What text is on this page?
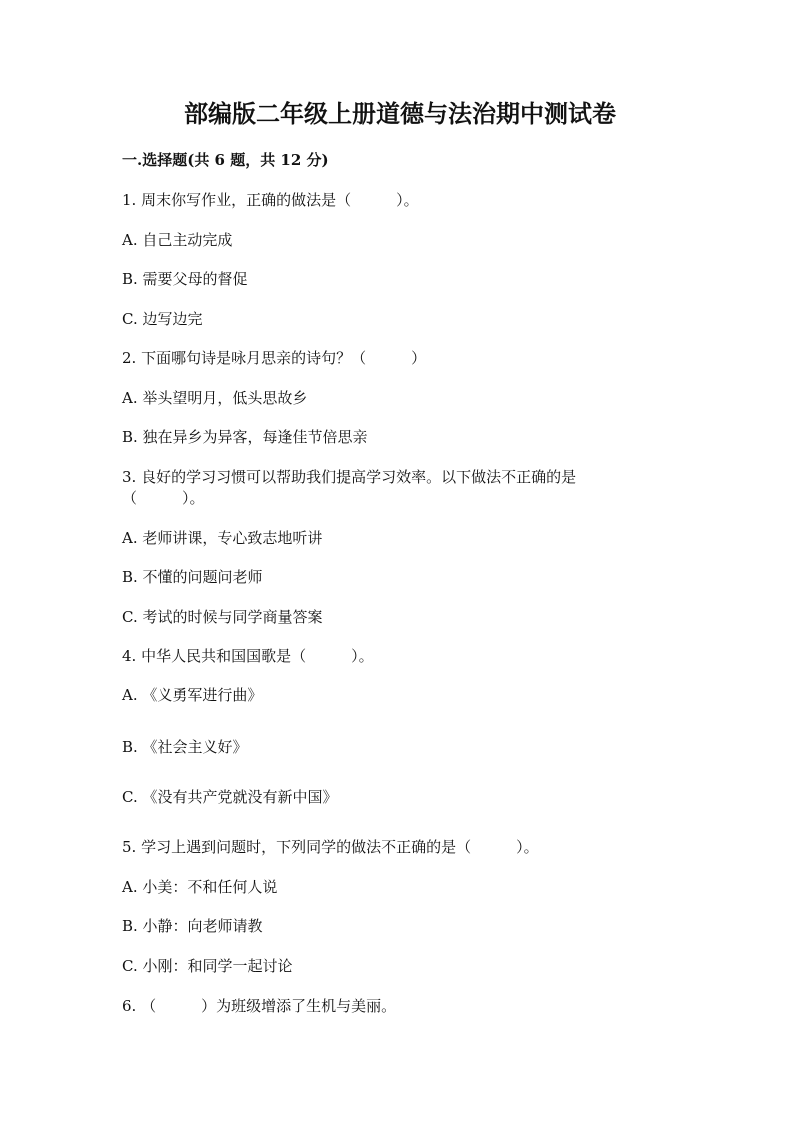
部编版二年级上册道德与法治期中测试卷
一.选择题(共 6 题，共 12 分)
1. 周末你写作业，正确的做法是（　　　）。
A. 自己主动完成
B. 需要父母的督促
C. 边写边完
2. 下面哪句诗是咏月思亲的诗句？（　　　）
A. 举头望明月，低头思故乡
B. 独在异乡为异客，每逢佳节倍思亲
3. 良好的学习习惯可以帮助我们提高学习效率。以下做法不正确的是
（　　　）。
A. 老师讲课，专心致志地听讲
B. 不懂的问题问老师
C. 考试的时候与同学商量答案
4. 中华人民共和国国歌是（　　　）。
A. 《义勇军进行曲》
B. 《社会主义好》
C. 《没有共产党就没有新中国》
5. 学习上遇到问题时，下列同学的做法不正确的是（　　　）。
A. 小美：不和任何人说
B. 小静：向老师请教
C. 小刚：和同学一起讨论
6. （　　　）为班级增添了生机与美丽。
